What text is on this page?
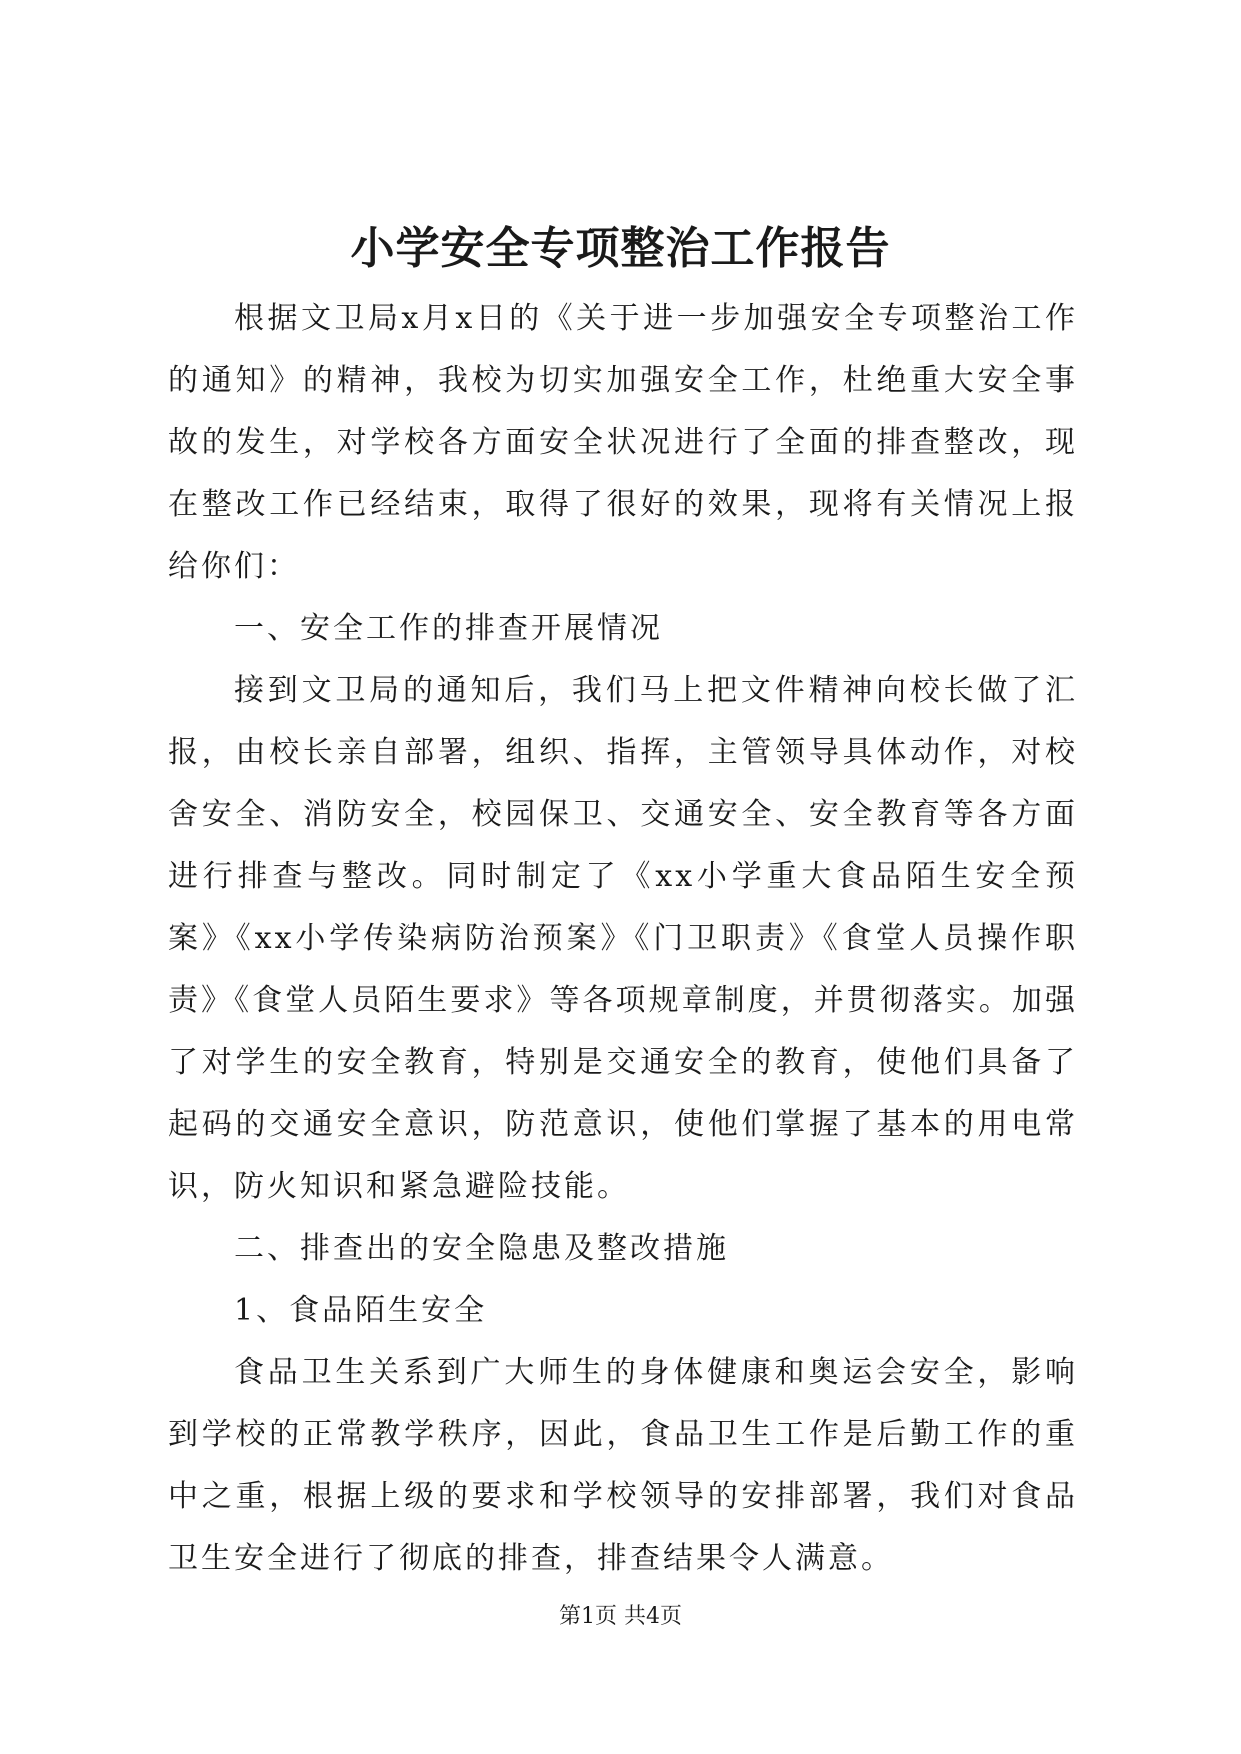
小学安全专项整治工作报告

根据文卫局x月x日的《关于进一步加强安全专项整治工作的通知》的精神，我校为切实加强安全工作，杜绝重大安全事故的发生，对学校各方面安全状况进行了全面的排查整改，现在整改工作已经结束，取得了很好的效果，现将有关情况上报给你们：

一、安全工作的排查开展情况

接到文卫局的通知后，我们马上把文件精神向校长做了汇报，由校长亲自部署，组织、指挥，主管领导具体动作，对校舍安全、消防安全，校园保卫、交通安全、安全教育等各方面进行排查与整改。同时制定了《xx小学重大食品陌生安全预案》《xx小学传染病防治预案》《门卫职责》《食堂人员操作职责》《食堂人员陌生要求》等各项规章制度，并贯彻落实。加强了对学生的安全教育，特别是交通安全的教育，使他们具备了起码的交通安全意识，防范意识，使他们掌握了基本的用电常识，防火知识和紧急避险技能。

二、排查出的安全隐患及整改措施

1、食品陌生安全

食品卫生关系到广大师生的身体健康和奥运会安全，影响到学校的正常教学秩序，因此，食品卫生工作是后勤工作的重中之重，根据上级的要求和学校领导的安排部署，我们对食品卫生安全进行了彻底的排查，排查结果令人满意。

第1页 共4页
